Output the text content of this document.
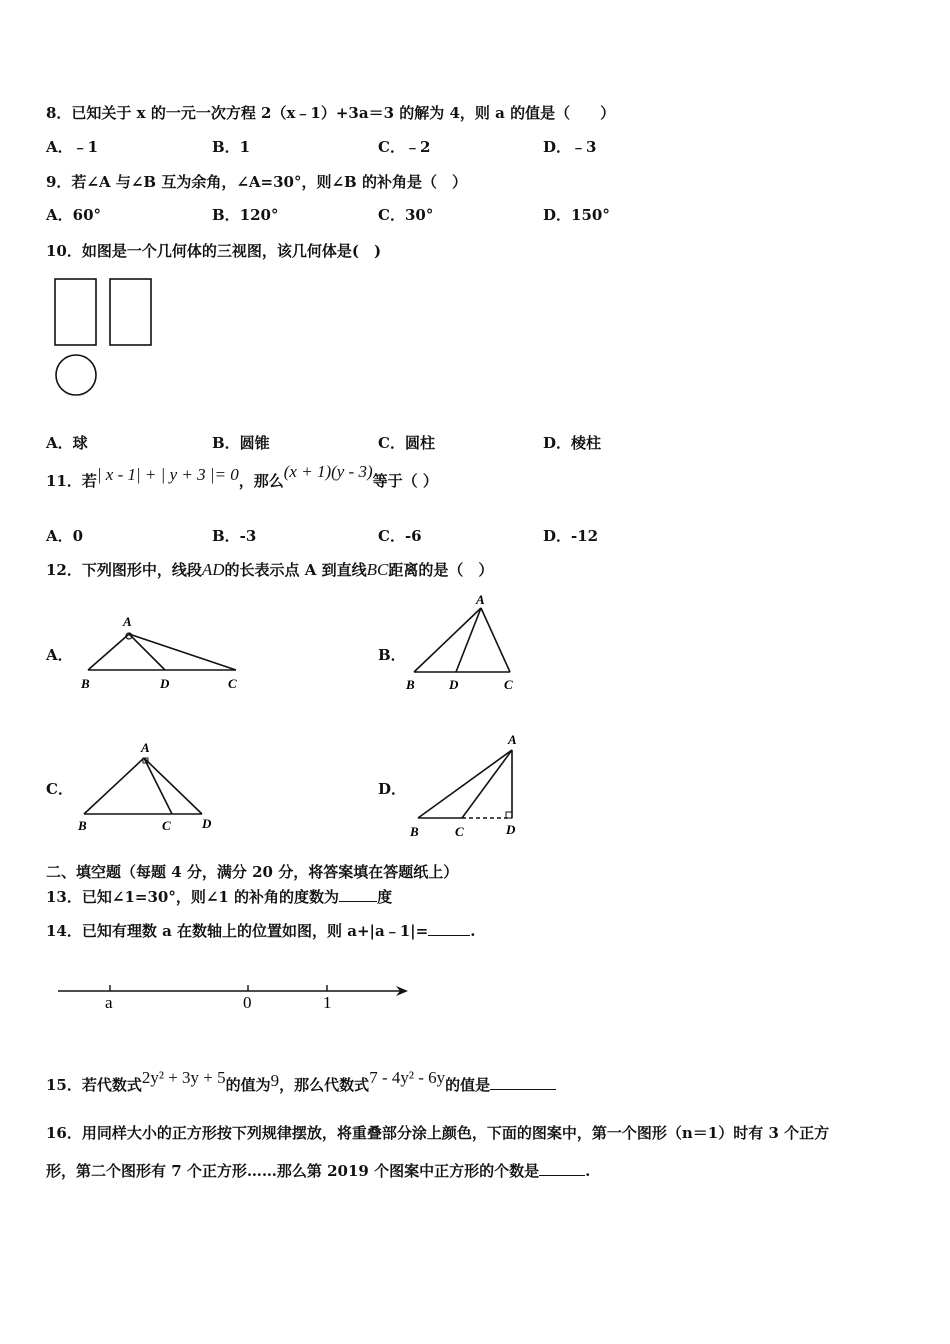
8．已知关于 x 的一元一次方程 2（x﹣1）+3a＝3 的解为 4，则 a 的值是（　　）
A．﹣1	B．1	C．﹣2	D．﹣3
9．若∠A 与∠B 互为余角，∠A=30°，则∠B 的补角是（　）
A．60°	B．120°	C．30°	D．150°
10．如图是一个几何体的三视图，该几何体是(　)
A．球	B．圆锥	C．圆柱	D．棱柱
11．若| x - 1| + | y + 3 |= 0，那么(x + 1)(y - 3)等于（ ）
A．0	B．-3	C．-6	D．-12
12．下列图形中，线段AD的长表示点 A 到直线BC距离的是（　）
A．
A
B	D	C
B．
A
B	D	C
C．
A
B	C D
D．
A
B	C	D
二、填空题（每题 4 分，满分 20 分，将答案填在答题纸上）
13．已知∠1=30°，则∠1 的补角的度数为	度
14．已知有理数 a 在数轴上的位置如图，则 a+|a﹣1|=	.
a	0	1
15．若代数式2y² + 3y + 5的值为9，那么代数式7 - 4y² - 6y的值是
16．用同样大小的正方形按下列规律摆放，将重叠部分涂上颜色，下面的图案中，第一个图形（n＝1）时有 3 个正方
形，第二个图形有 7 个正方形……那么第 2019 个图案中正方形的个数是	.
